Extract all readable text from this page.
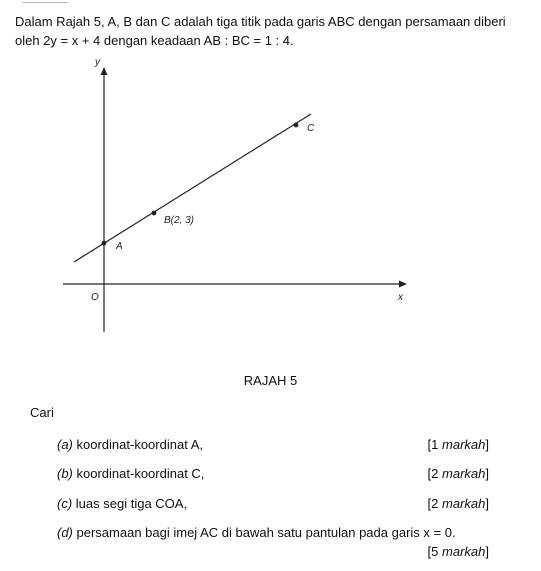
Dalam Rajah 5, A, B dan C adalah tiga titik pada garis ABC dengan persamaan diberi

oleh 2y = x + 4 dengan keadaan AB : BC = 1 : 4.

y
x
O
A
B(2, 3)
C
RAJAH 5
Cari
(a) koordinat-koordinat A,	[1 markah]
(b) koordinat-koordinat C,	[2 markah]
(c) luas segi tiga COA,	[2 markah]
(d) persamaan bagi imej AC di bawah satu pantulan pada garis x = 0.
[5 markah]
